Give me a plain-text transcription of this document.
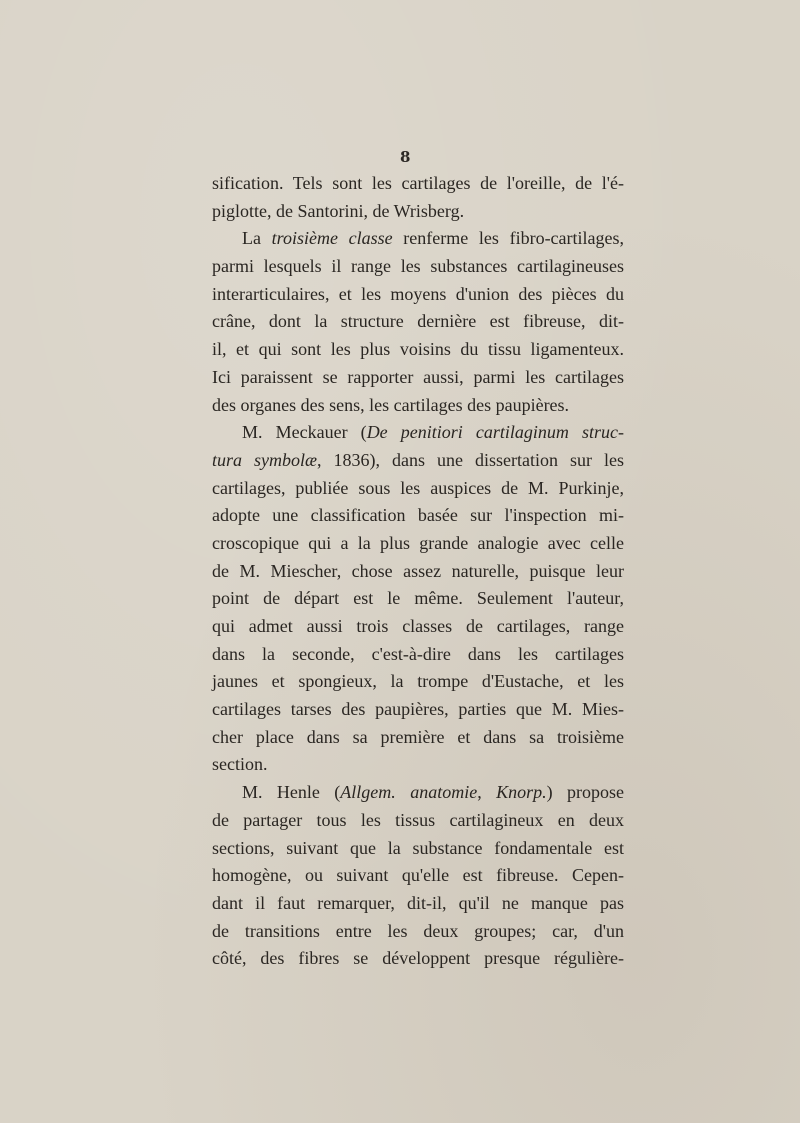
8
sification. Tels sont les cartilages de l'oreille, de l'é-
piglotte, de Santorini, de Wrisberg.
La troisième classe renferme les fibro-cartilages,
parmi lesquels il range les substances cartilagineuses
interarticulaires, et les moyens d'union des pièces du
crâne, dont la structure dernière est fibreuse, dit-
il, et qui sont les plus voisins du tissu ligamenteux.
Ici paraissent se rapporter aussi, parmi les cartilages
des organes des sens, les cartilages des paupières.
M. Meckauer (De penitiori cartilaginum struc-
tura symbolæ, 1836), dans une dissertation sur les
cartilages, publiée sous les auspices de M. Purkinje,
adopte une classification basée sur l'inspection mi-
croscopique qui a la plus grande analogie avec celle
de M. Miescher, chose assez naturelle, puisque leur
point de départ est le même. Seulement l'auteur,
qui admet aussi trois classes de cartilages, range
dans la seconde, c'est-à-dire dans les cartilages
jaunes et spongieux, la trompe d'Eustache, et les
cartilages tarses des paupières, parties que M. Mies-
cher place dans sa première et dans sa troisième
section.
M. Henle (Allgem. anatomie, Knorp.) propose
de partager tous les tissus cartilagineux en deux
sections, suivant que la substance fondamentale est
homogène, ou suivant qu'elle est fibreuse. Cepen-
dant il faut remarquer, dit-il, qu'il ne manque pas
de transitions entre les deux groupes; car, d'un
côté, des fibres se développent presque régulière-
